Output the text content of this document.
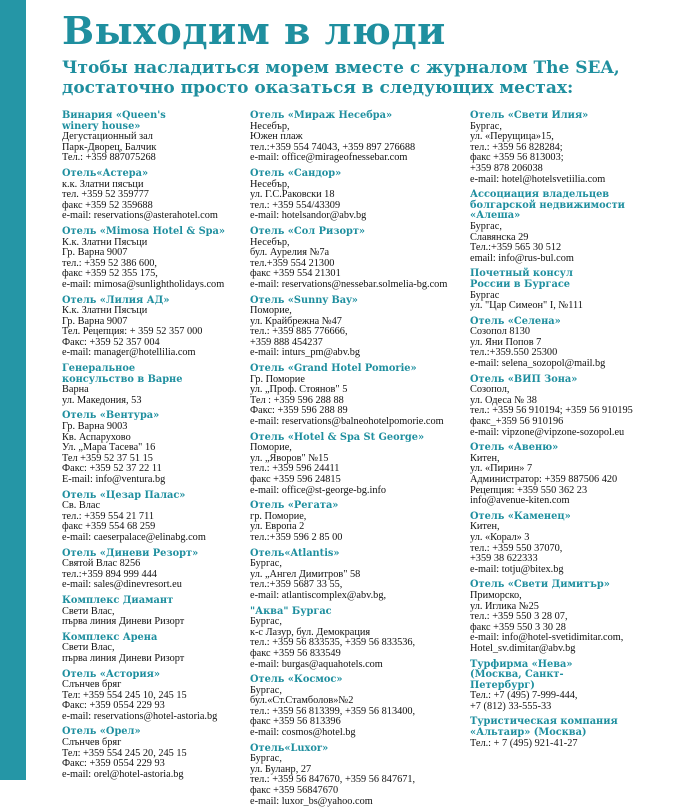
Выходим в люди
Чтобы насладиться морем вместе с журналом The SEA, достаточно просто оказаться в следующих местах:
Винария «Queen's
winery house»
Дегустационный зал
Парк-Дворец, Балчик
Тел.: +359 887075268
Отель«Астера»
к.к. Златни пясъци
тел. +359 52 359777
факс +359 52 359688
e-mail: reservations@asterahotel.com
Отель «Mimosa Hotel & Spa»
К.к. Златни Пясъци
Гр. Варна 9007
тел.: +359 52 386 600,
факс +359 52 355 175,
e-mail: mimosa@sunlightholidays.com
Отель «Лилия АД»
К.к. Златни Пясъци
Гр. Варна 9007
Тел. Рецепция: + 359 52 357 000
Факс: +359 52 357 004
e-mail: manager@hotellilia.com
Генеральное
консульство в Варне
Варна
ул. Македония, 53
Отель «Вентура»
Гр. Варна 9003
Кв. Аспарухово
Ул. „Мара Тасева" 16
Тел +359 52 37 51 15
Факс: +359 52 37 22 11
E-mail: info@ventura.bg
Отель «Цезар Палас»
Св. Влас
тел.: +359 554 21 711
факс +359 554 68 259
e-mail: caeserpalace@elinabg.com
Отель «Диневи Резорт»
Святой Влас 8256
тел.:+359 894 999 444
e-mail: sales@dinevresort.eu
Комплекс Диамант
Свети Влас,
първа линия Диневи Ризорт
Комплекс Арена
Свети Влас,
първа линия Диневи Ризорт
Отель «Астория»
Слънчев бряг
Тел: +359 554 245 10, 245 15
Факс: +359 0554 229 93
e-mail: reservations@hotel-astoria.bg
Отель «Орел»
Слънчев бряг
Тел: +359 554 245 20, 245 15
Факс: +359 0554 229 93
e-mail: orel@hotel-astoria.bg
Отель «Мираж Несебра»
Несебър,
Южен плаж
тел.:+359 554 74043, +359 897 276688
e-mail: office@mirageofnessebar.com
Отель «Сандор»
Несебър,
ул. Г.С.Раковски 18
тел.: +359 554/43309
e-mail: hotelsandor@abv.bg
Отель «Сол Ризорт»
Несебър,
бул. Аурелия №7а
тел.+359 554 21300
факс +359 554 21301
e-mail: reservations@nessebar.solmelia-bg.com
Отель «Sunny Bay»
Поморие,
ул. Крайбрежна №47
тел.: +359 885 776666,
+359 888 454237
e-mail: inturs_pm@abv.bg
Отель «Grand Hotel Pomorie»
Гр. Поморие
ул. „Проф. Стоянов" 5
Тел : +359 596 288 88
Факс: +359 596 288 89
e-mail: reservations@balneohotelpomorie.com
Отель «Hotel & Spa St George»
Поморие,
ул. „Яворов" №15
тел.: +359 596 24411
факс +359 596 24815
e-mail: office@st-george-bg.info
Отель «Регата»
гр. Поморие,
ул. Европа 2
тел.:+359 596 2 85 00
Отель«Atlantis»
Бургас,
ул. „Ангел Димитров" 58
тел.:+359 5687 33 55,
e-mail: atlantiscomplex@abv.bg,
"Аква" Бургас
Бургас,
к-с Лазур, бул. Демокрация
тел.: +359 56 833535, +359 56 833536,
факс +359 56 833549
e-mail: burgas@aquahotels.com
Отель «Космос»
Бургас,
бул.«Ст.Стамболов»№2
тел.: +359 56 813399, +359 56 813400,
факс +359 56 813396
e-mail: cosmos@hotel.bg
Отель«Luxor»
Бургас,
ул. Буланр, 27
тел.: +359 56 847670, +359 56 847671,
факс +359 56847670
e-mail: luxor_bs@yahoo.com
Отель «Свети Илия»
Бургас,
ул. «Перущица»15,
тел.: +359 56 828284;
факс +359 56 813003;
+359 878 206038
e-mail: hotel@hotelsvetiilia.com
Ассоциация владельцев
болгарской недвижимости
«Алеша»
Бургас,
Славянска 29
Тел.:+359 565 30 512
email: info@rus-bul.com
Почетный консул
России в Бургасе
Бургас
ул. "Цар Симеон" I, №111
Отель «Селена»
Созопол 8130
ул. Яни Попов 7
тел.:+359.550 25300
e-mail: selena_sozopol@mail.bg
Отель «ВИП Зона»
Созопол,
ул. Одеса № 38
тел.: +359 56 910194; +359 56 910195
факс_+359 56 910196
e-mail: vipzone@vipzone-sozopol.eu
Отель «Авеню»
Китен,
ул. «Пирин» 7
Администратор: +359 887506 420
Рецепция: +359 550 362 23
info@avenue-kiten.com
Отель «Каменец»
Китен,
ул. «Корал» 3
тел.: +359 550 37070,
+359 38 622333
e-mail: totju@bitex.bg
Отель «Свети Димитър»
Приморско,
ул. Иглика №25
тел.: +359 550 3 28 07,
факс +359 550 3 30 28
e-mail: info@hotel-svetidimitar.com,
Hotel_sv.dimitar@abv.bg
Турфирма «Нева»
(Москва, Санкт-
Петербург)
Тел.: +7 (495) 7-999-444,
+7 (812) 33-555-33
Туристическая компания
«Альтаир» (Москва)
Тел.: + 7 (495) 921-41-27
